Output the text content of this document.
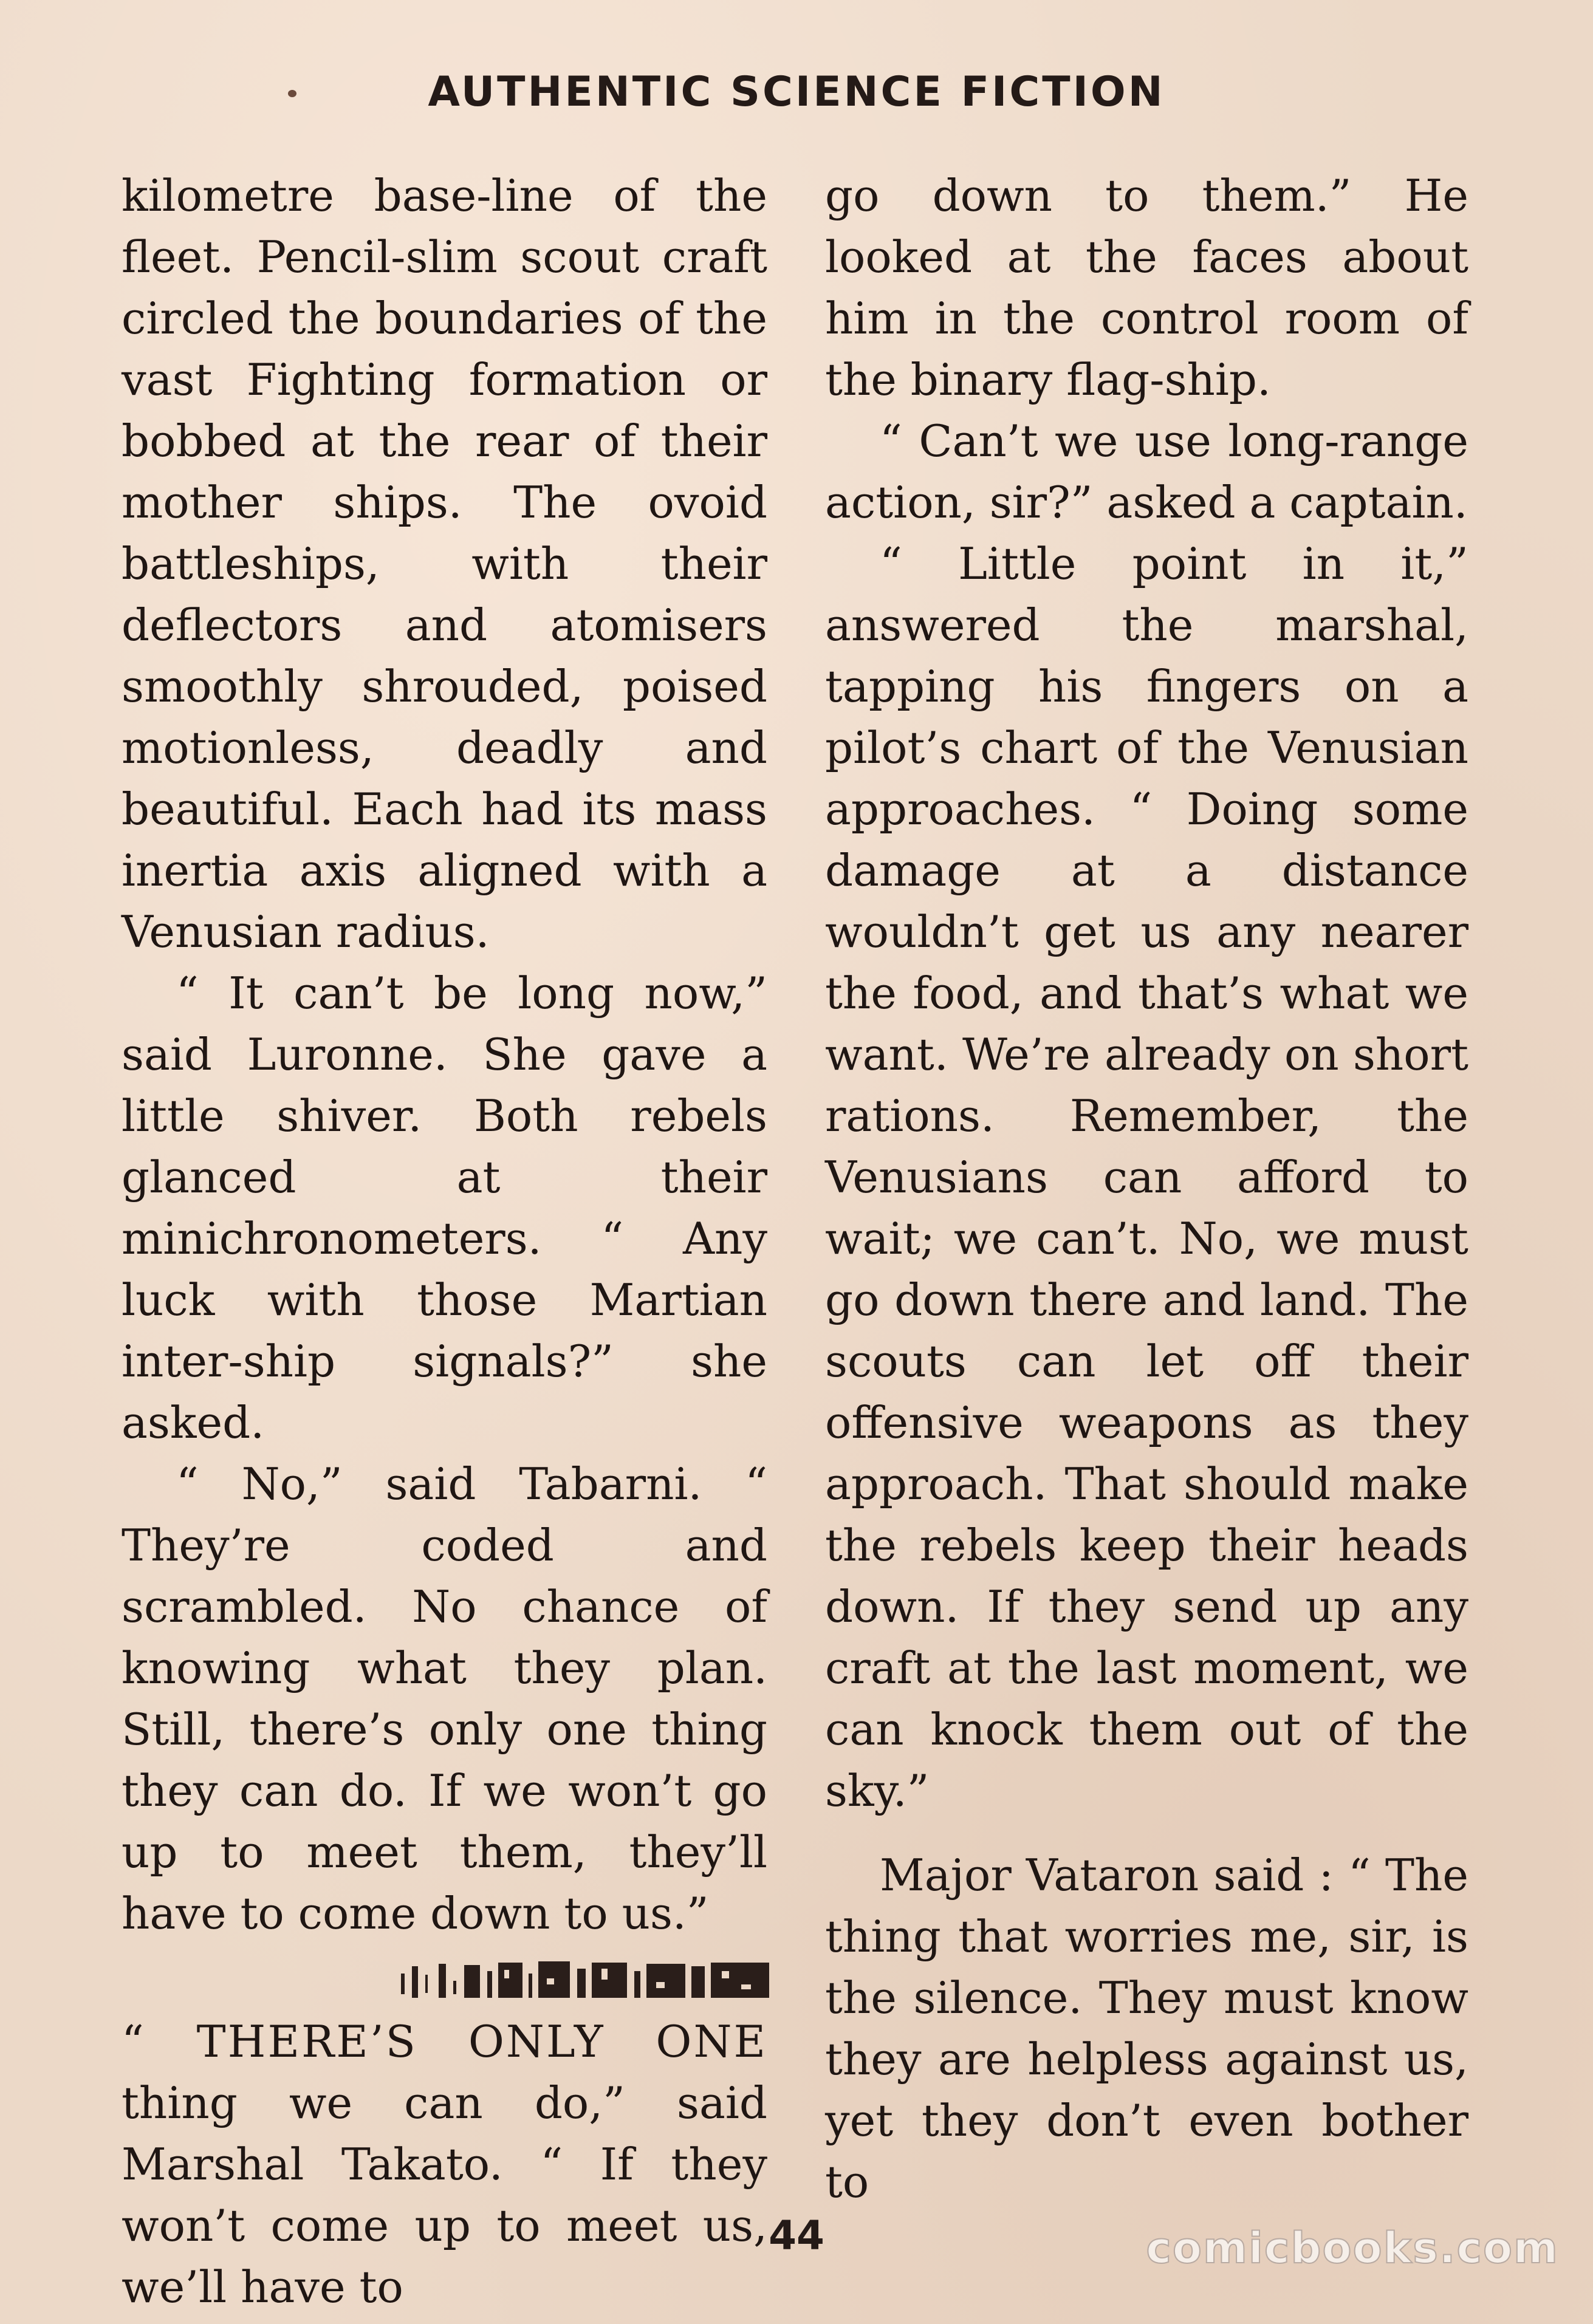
AUTHENTIC SCIENCE FICTION

kilometre base-line of the fleet. Pencil-slim scout craft circled the boundaries of the vast Fighting formation or bobbed at the rear of their mother ships. The ovoid battleships, with their deflectors and atomisers smoothly shrouded, poised motionless, deadly and beautiful. Each had its mass inertia axis aligned with a Venusian radius.

“ It can’t be long now,” said Luronne. She gave a little shiver. Both rebels glanced at their minichronometers. “ Any luck with those Martian inter-ship signals?” she asked.

“ No,” said Tabarni. “ They’re coded and scrambled. No chance of knowing what they plan. Still, there’s only one thing they can do. If we won’t go up to meet them, they’ll have to come down to us.”

“ THERE’S ONLY ONE thing we can do,” said Marshal Takato. “ If they won’t come up to meet us, we’ll have to

go down to them.” He looked at the faces about him in the control room of the binary flag-ship.

“ Can’t we use long-range action, sir?” asked a captain.

“ Little point in it,” answered the marshal, tapping his fingers on a pilot’s chart of the Venusian approaches. “ Doing some damage at a distance wouldn’t get us any nearer the food, and that’s what we want. We’re already on short rations. Remember, the Venusians can afford to wait; we can’t. No, we must go down there and land. The scouts can let off their offensive weapons as they approach. That should make the rebels keep their heads down. If they send up any craft at the last moment, we can knock them out of the sky.”

Major Vataron said : “ The thing that worries me, sir, is the silence. They must know they are helpless against us, yet they don’t even bother to

44	comicbooks.com
